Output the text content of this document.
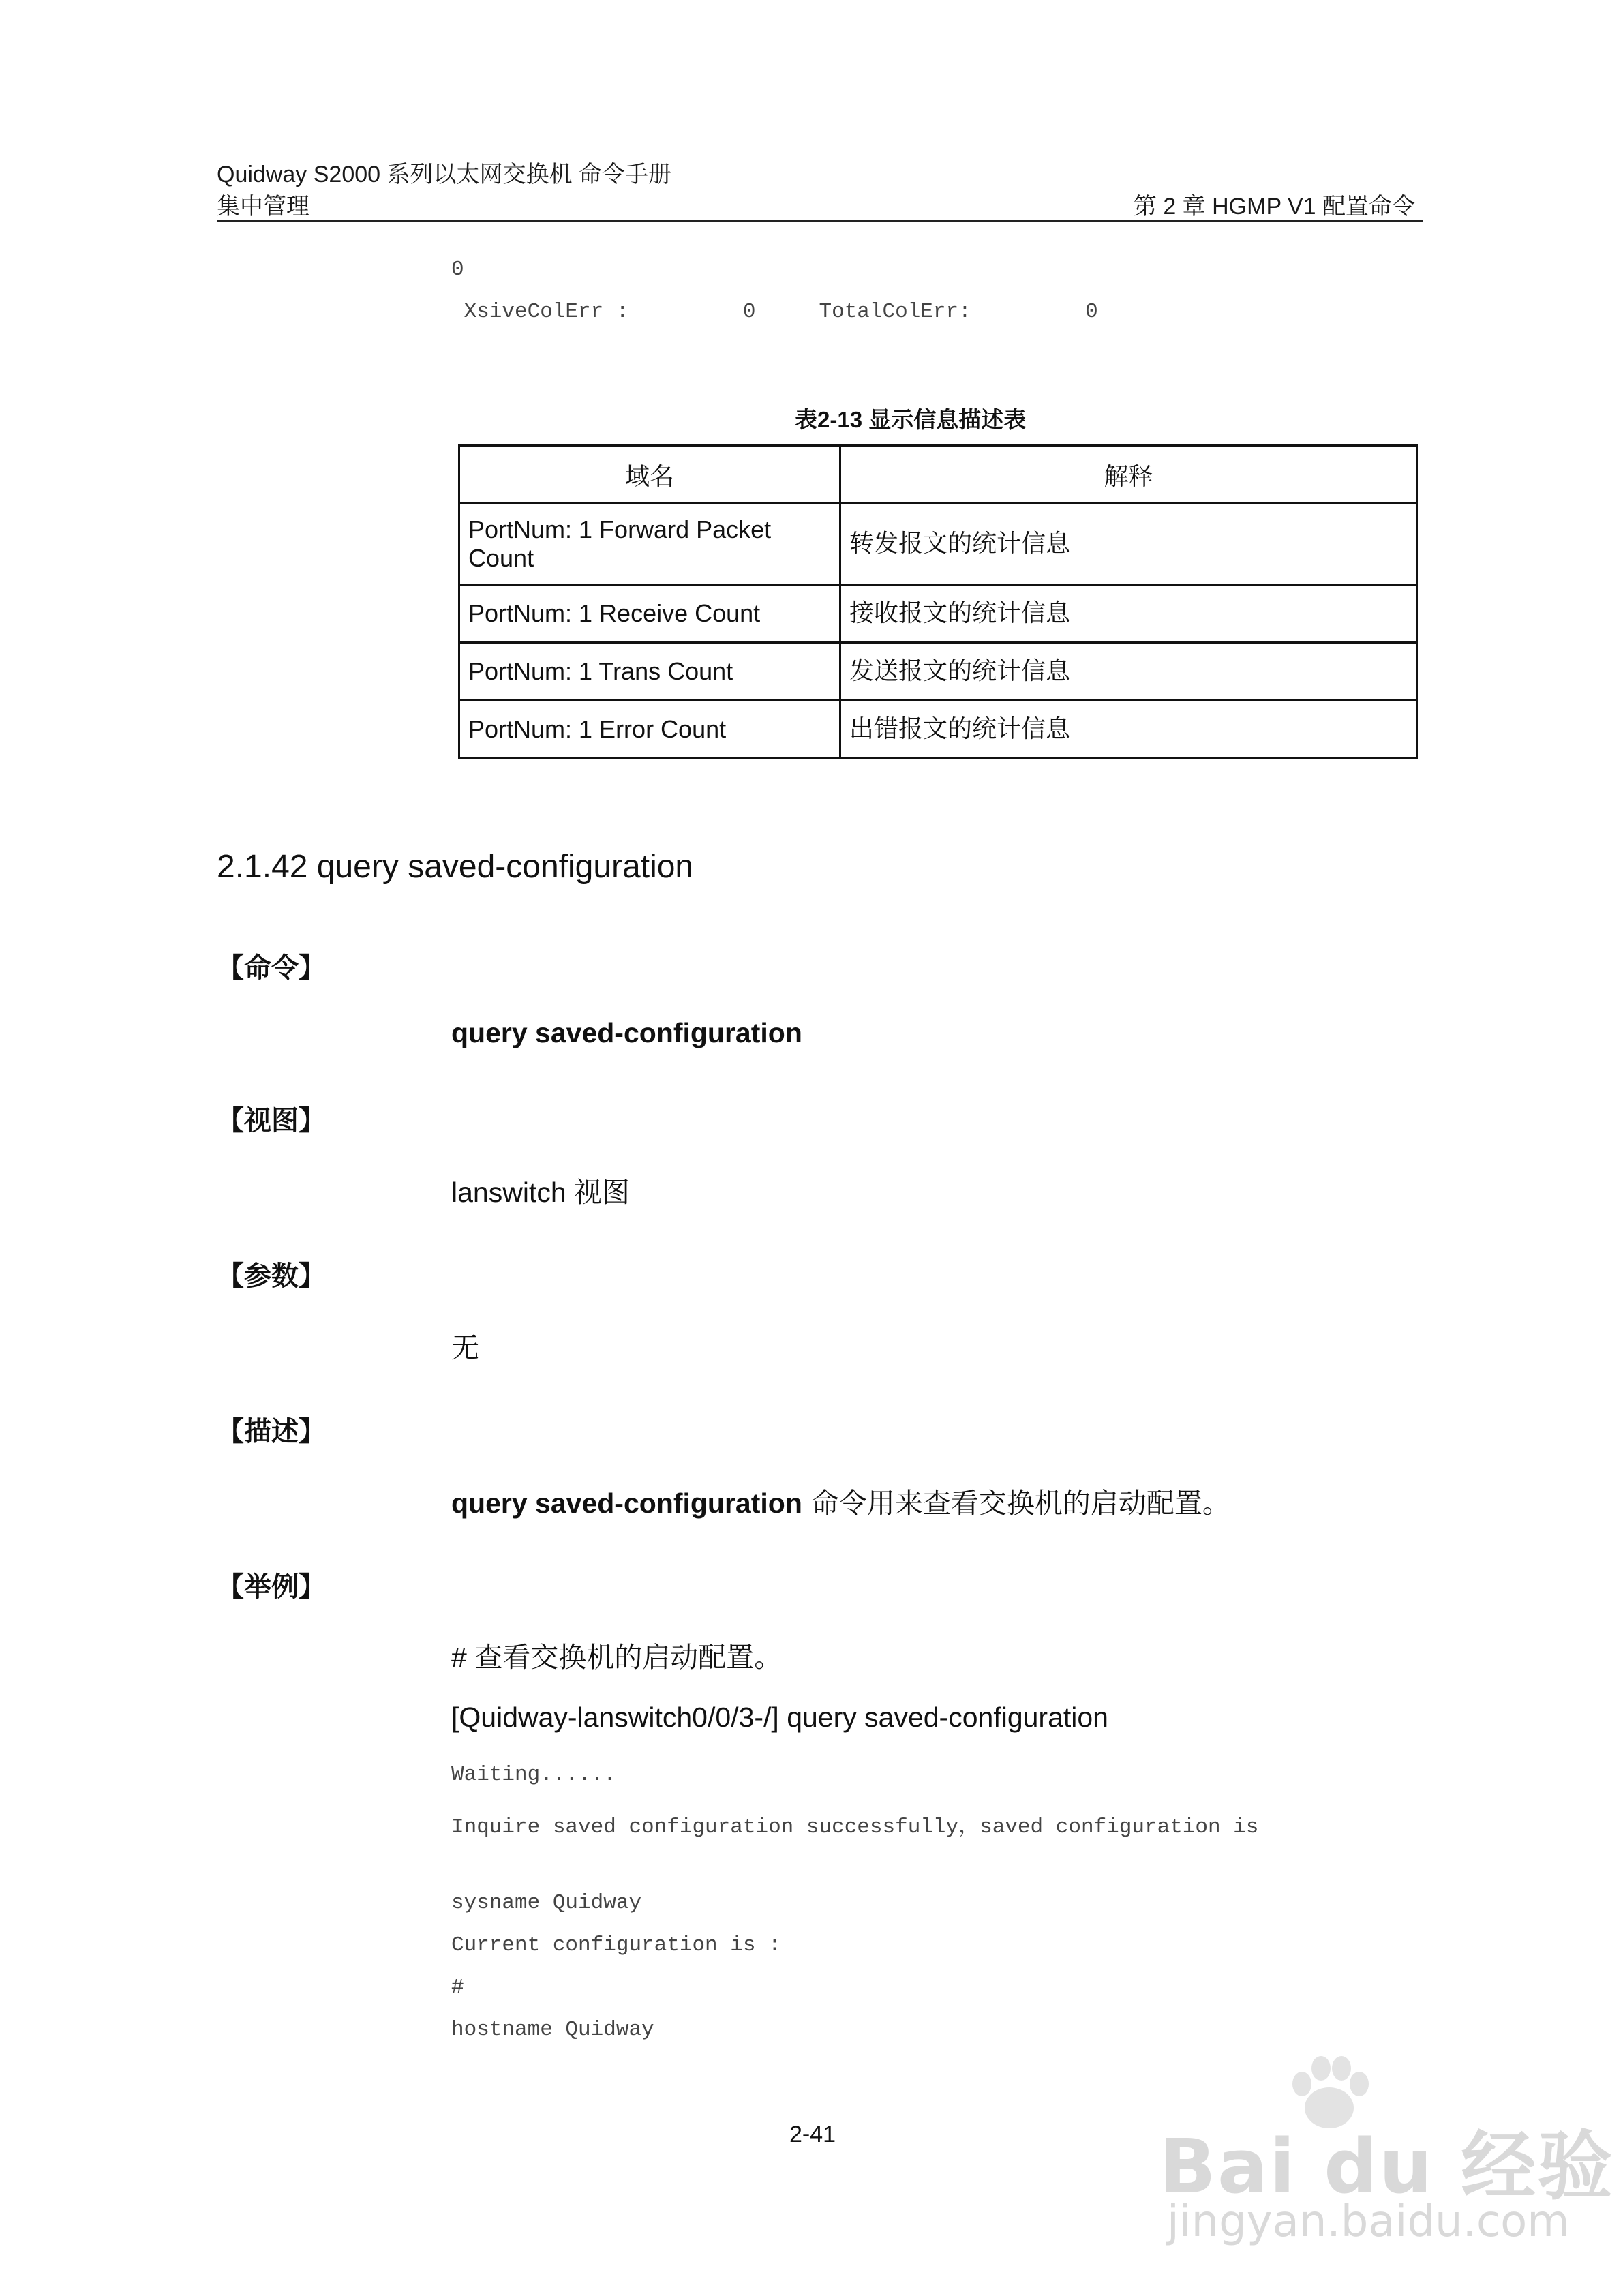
Quidway S2000 系列以太网交换机 命令手册
集中管理	第 2 章 HGMP V1 配置命令
0
XsiveColErr :         0     TotalColErr:         0
表2-13 显示信息描述表
域名	解释
PortNum: 1 Forward Packet Count	转发报文的统计信息
PortNum: 1 Receive Count	接收报文的统计信息
PortNum: 1 Trans Count	发送报文的统计信息
PortNum: 1 Error Count	出错报文的统计信息
2.1.42 query saved-configuration
【命令】
query saved-configuration
【视图】
lanswitch 视图
【参数】
无
【描述】
query saved-configuration 命令用来查看交换机的启动配置。
【举例】
# 查看交换机的启动配置。
[Quidway-lanswitch0/0/3-/] query saved-configuration
Waiting......
Inquire saved configuration successfully，saved configuration is
sysname Quidway
Current configuration is :
#
hostname Quidway
2-41	Bai du 经验
jingyan.baidu.com
